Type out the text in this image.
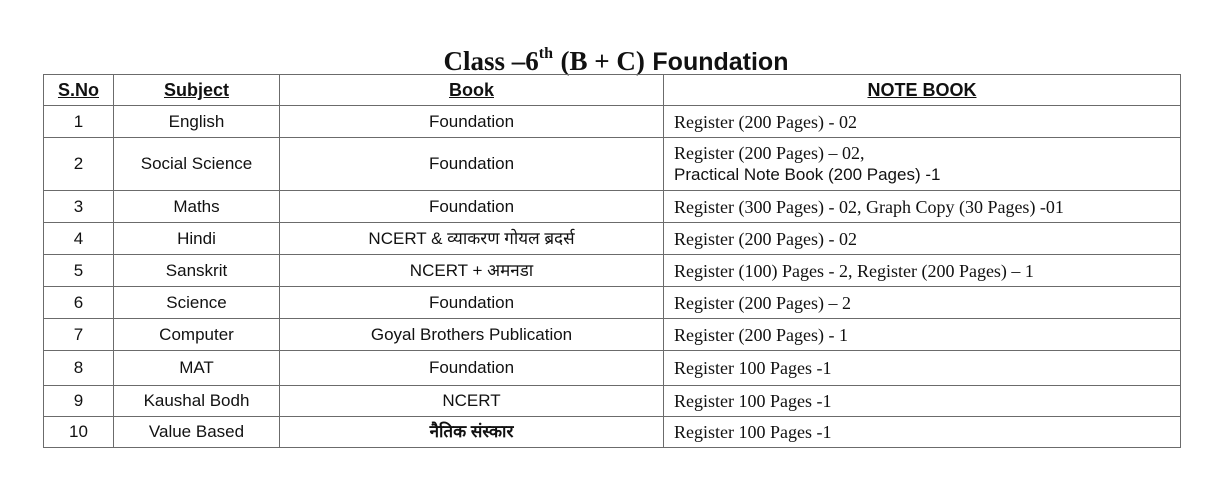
Class –6th (B + C) Foundation
S.No	Subject	Book	NOTE BOOK
1	English	Foundation	Register (200 Pages) - 02

2	Social Science	Foundation	Register (200 Pages) – 02,
Practical Note Book (200 Pages) -1

3	Maths	Foundation	Register (300 Pages) - 02, Graph Copy (30 Pages) -01

4	Hindi	NCERT & व्याकरण गोयल ब्रदर्स	Register (200 Pages) - 02

5	Sanskrit	NCERT + अमनडा	Register (100) Pages - 2, Register (200 Pages) – 1

6	Science	Foundation	Register (200 Pages) – 2

7	Computer	Goyal Brothers Publication	Register (200 Pages) - 1

8	MAT	Foundation	Register 100 Pages -1

9	Kaushal Bodh	NCERT	Register 100 Pages -1

10	Value Based	नैतिक संस्कार	Register 100 Pages -1
